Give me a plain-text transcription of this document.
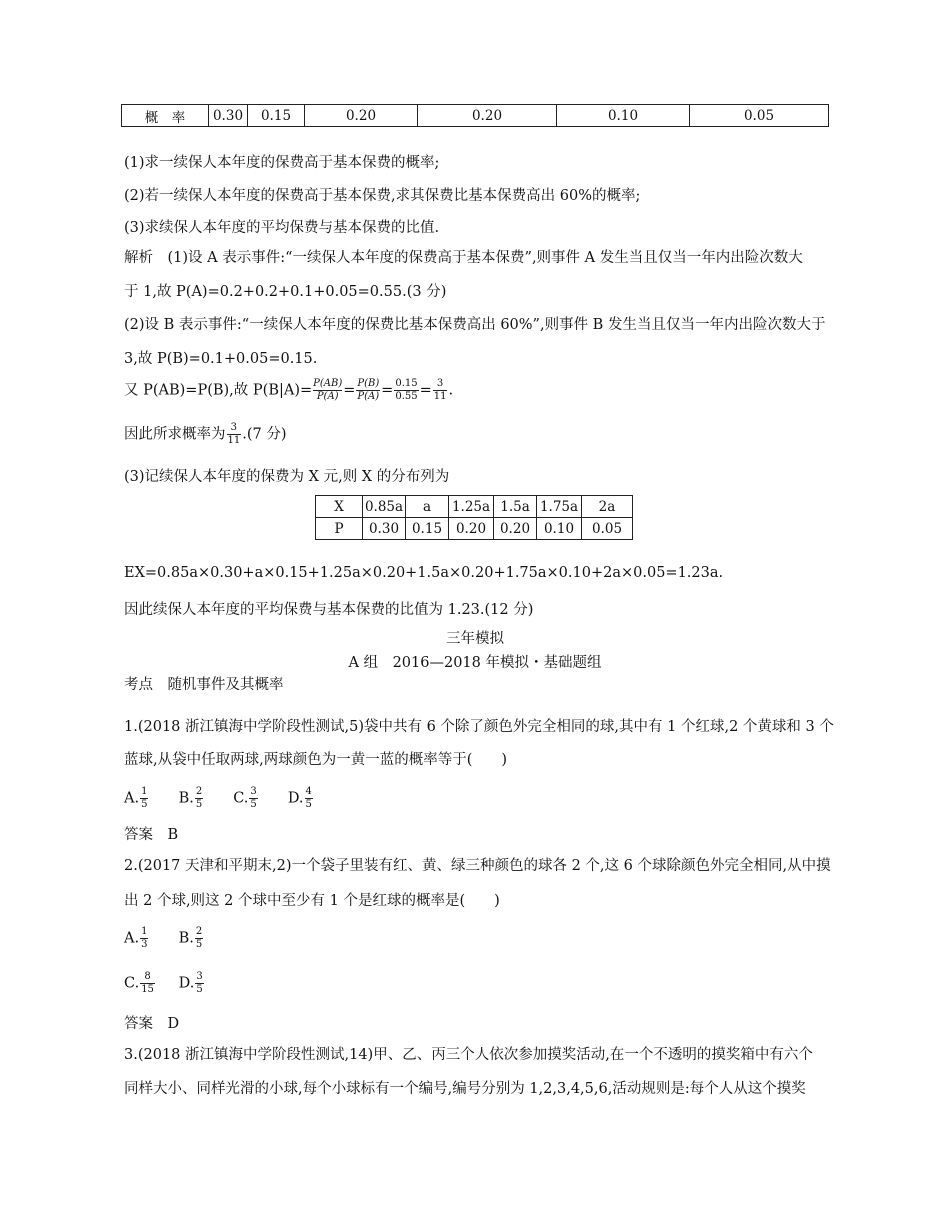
概　率	0.30	0.15	0.20	0.20	0.10	0.05
(1)求一续保人本年度的保费高于基本保费的概率;
(2)若一续保人本年度的保费高于基本保费,求其保费比基本保费高出 60%的概率;
(3)求续保人本年度的平均保费与基本保费的比值.
解析　(1)设 A 表示事件:“一续保人本年度的保费高于基本保费”,则事件 A 发生当且仅当一年内出险次数大
于 1,故 P(A)=0.2+0.2+0.1+0.05=0.55.(3 分)
(2)设 B 表示事件:“一续保人本年度的保费比基本保费高出 60%”,则事件 B 发生当且仅当一年内出险次数大于
3,故 P(B)=0.1+0.05=0.15.
又 P(AB)=P(B),故 $P(B|A)= \frac{P(AB)}{P(A)} = \frac{P(B)}{P(A)} = \frac{0.15}{0.55} = \frac{3}{11}$ .
因此所求概率为 $\frac{3}{11} .(7$ 分)
(3)记续保人本年度的保费为 X 元,则 X 的分布列为
X	0.85a	a	1.25a	1.5a	1.75a	2a
P	0.30	0.15	0.20	0.20	0.10	0.05
EX=0.85a×0.30+a×0.15+1.25a×0.20+1.5a×0.20+1.75a×0.10+2a×0.05=1.23a.
因此续保人本年度的平均保费与基本保费的比值为 1.23.(12 分)
三年模拟
A 组　2016—2018 年模拟・基础题组
考点　随机事件及其概率
1.(2018 浙江镇海中学阶段性测试,5)袋中共有 6 个除了颜色外完全相同的球,其中有 1 个红球,2 个黄球和 3 个
蓝球,从袋中任取两球,两球颜色为一黄一蓝的概率等于(　　)
A. $\frac{1}{5} B$. $\frac{2}{5} C$. $\frac{3}{5} D$. $\frac{4}{5}$
答案　B
2.(2017 天津和平期末,2)一个袋子里装有红、黄、绿三种颜色的球各 2 个,这 6 个球除颜色外完全相同,从中摸
出 2 个球,则这 2 个球中至少有 1 个是红球的概率是(　　)
A. $\frac{1}{3} B$. $\frac{2}{5}$
C. $\frac{8}{15} D$. $\frac{3}{5}$
答案　D
3.(2018 浙江镇海中学阶段性测试,14)甲、乙、丙三个人依次参加摸奖活动,在一个不透明的摸奖箱中有六个
同样大小、同样光滑的小球,每个小球标有一个编号,编号分别为 1,2,3,4,5,6,活动规则是:每个人从这个摸奖
